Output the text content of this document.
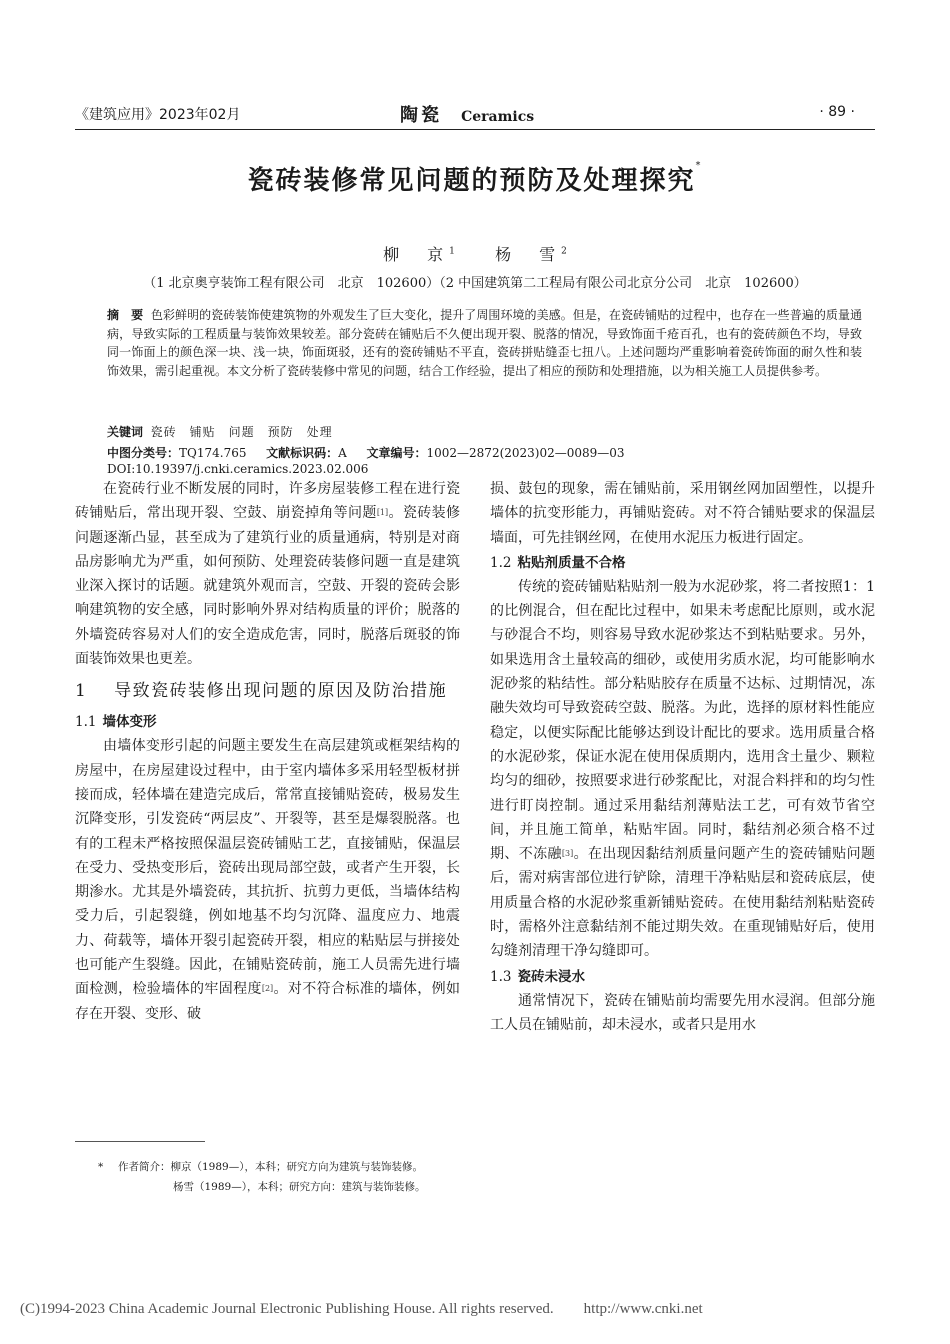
《建筑应用》2023年02月	陶瓷 Ceramics	· 89 ·
瓷砖装修常见问题的预防及处理探究*
柳　京$^1$	杨　雪$^2$
（1 北京奥亨装饰工程有限公司　北京　102600）（2 中国建筑第二工程局有限公司北京分公司　北京　102600）
摘　要 色彩鲜明的瓷砖装饰使建筑物的外观发生了巨大变化，提升了周围环境的美感。但是，在瓷砖铺贴的过程中，也存在一些普遍的质量通病，导致实际的工程质量与装饰效果较差。部分瓷砖在铺贴后不久便出现开裂、脱落的情况，导致饰面千疮百孔，也有的瓷砖颜色不均，导致同一饰面上的颜色深一块、浅一块，饰面斑驳，还有的瓷砖铺贴不平直，瓷砖拼贴缝歪七扭八。上述问题均严重影响着瓷砖饰面的耐久性和装饰效果，需引起重视。本文分析了瓷砖装修中常见的问题，结合工作经验，提出了相应的预防和处理措施，以为相关施工人员提供参考。
关键词 瓷砖　铺贴　问题　预防　处理
中图分类号：TQ174.765 文献标识码：A 文章编号：1002—2872(2023)02—0089—03
DOI:10.19397/j.cnki.ceramics.2023.02.006

在瓷砖行业不断发展的同时，许多房屋装修工程在进行瓷砖铺贴后，常出现开裂、空鼓、崩瓷掉角等问题[1]。瓷砖装修问题逐渐凸显，甚至成为了建筑行业的质量通病，特别是对商品房影响尤为严重，如何预防、处理瓷砖装修问题一直是建筑业深入探讨的话题。就建筑外观而言，空鼓、开裂的瓷砖会影响建筑物的安全感，同时影响外界对结构质量的评价；脱落的外墙瓷砖容易对人们的安全造成危害，同时，脱落后斑驳的饰面装饰效果也更差。

1 导致瓷砖装修出现问题的原因及防治措施
1.1 墙体变形

由墙体变形引起的问题主要发生在高层建筑或框架结构的房屋中，在房屋建设过程中，由于室内墙体多采用轻型板材拼接而成，轻体墙在建造完成后，常常直接铺贴瓷砖，极易发生沉降变形，引发瓷砖“两层皮”、开裂等，甚至是爆裂脱落。也有的工程未严格按照保温层瓷砖铺贴工艺，直接铺贴，保温层在受力、受热变形后，瓷砖出现局部空鼓，或者产生开裂，长期渗水。尤其是外墙瓷砖，其抗折、抗剪力更低，当墙体结构受力后，引起裂缝，例如地基不均匀沉降、温度应力、地震力、荷载等，墙体开裂引起瓷砖开裂，相应的粘贴层与拼接处也可能产生裂缝。因此，在铺贴瓷砖前，施工人员需先进行墙面检测，检验墙体的牢固程度[2]。对不符合标准的墙体，例如存在开裂、变形、破

损、鼓包的现象，需在铺贴前，采用钢丝网加固塑性，以提升墙体的抗变形能力，再铺贴瓷砖。对不符合铺贴要求的保温层墙面，可先挂钢丝网，在使用水泥压力板进行固定。

1.2 粘贴剂质量不合格

传统的瓷砖铺贴粘贴剂一般为水泥砂浆，将二者按照1：1的比例混合，但在配比过程中，如果未考虑配比原则，或水泥与砂混合不均，则容易导致水泥砂浆达不到粘贴要求。另外，如果选用含土量较高的细砂，或使用劣质水泥，均可能影响水泥砂浆的粘结性。部分粘贴胶存在质量不达标、过期情况，冻融失效均可导致瓷砖空鼓、脱落。为此，选择的原材料性能应稳定，以便实际配比能够达到设计配比的要求。选用质量合格的水泥砂浆，保证水泥在使用保质期内，选用含土量少、颗粒均匀的细砂，按照要求进行砂浆配比，对混合料拌和的均匀性进行盯岗控制。通过采用黏结剂薄贴法工艺，可有效节省空间，并且施工简单，粘贴牢固。同时，黏结剂必须合格不过期、不冻融[3]。在出现因黏结剂质量问题产生的瓷砖铺贴问题后，需对病害部位进行铲除，清理干净粘贴层和瓷砖底层，使用质量合格的水泥砂浆重新铺贴瓷砖。在使用黏结剂粘贴瓷砖时，需格外注意黏结剂不能过期失效。在重现铺贴好后，使用勾缝剂清理干净勾缝即可。

1.3 瓷砖未浸水

通常情况下，瓷砖在铺贴前均需要先用水浸润。但部分施工人员在铺贴前，却未浸水，或者只是用水

* 作者简介：柳京（1989—），本科；研究方向为建筑与装饰装修。
杨雪（1989—），本科；研究方向：建筑与装饰装修。
(C)1994-2023 China Academic Journal Electronic Publishing House. All rights reserved.　　http://www.cnki.net
